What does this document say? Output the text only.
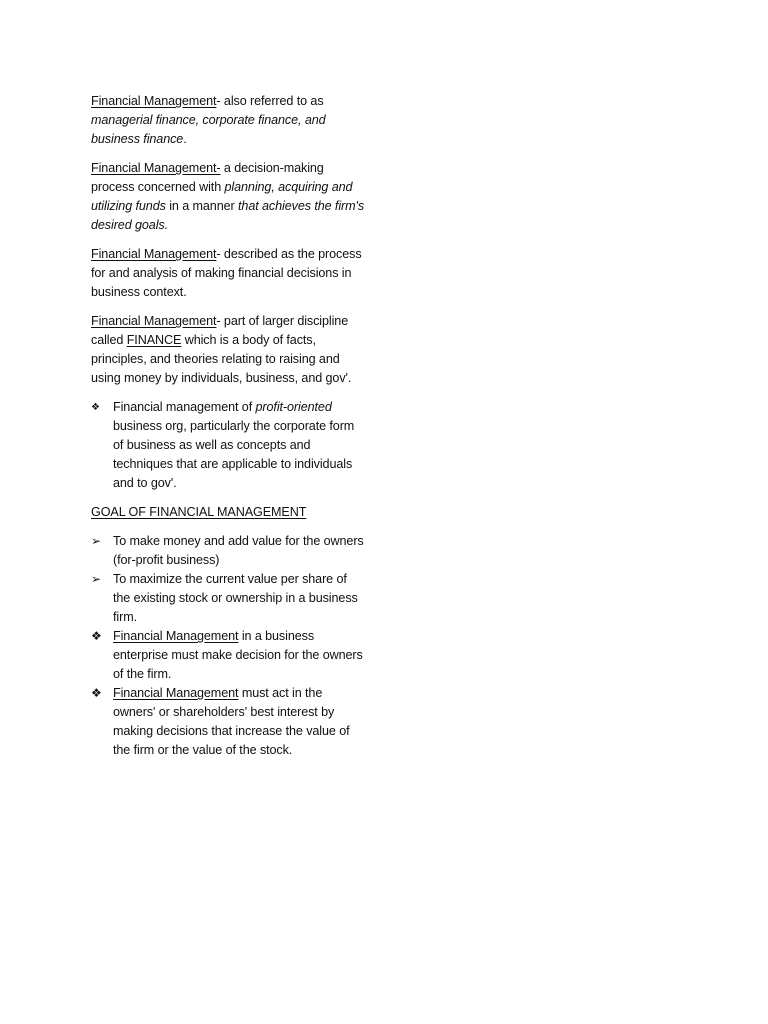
Financial Management- also referred to as managerial finance, corporate finance, and business finance.

Financial Management- a decision-making process concerned with planning, acquiring and utilizing funds in a manner that achieves the firm's desired goals.

Financial Management- described as the process for and analysis of making financial decisions in business context.

Financial Management- part of larger discipline called FINANCE which is a body of facts, principles, and theories relating to raising and using money by individuals, business, and gov'.

❖	Financial management of profit-oriented business org, particularly the corporate form of business as well as concepts and techniques that are applicable to individuals and to gov'.

GOAL OF FINANCIAL MANAGEMENT

➢ To make money and add value for the owners (for-profit business)
➢ To maximize the current value per share of the existing stock or ownership in a business firm.
❖ Financial Management in a business enterprise must make decision for the owners of the firm.
❖ Financial Management must act in the owners' or shareholders' best interest by making decisions that increase the value of the firm or the value of the stock.
